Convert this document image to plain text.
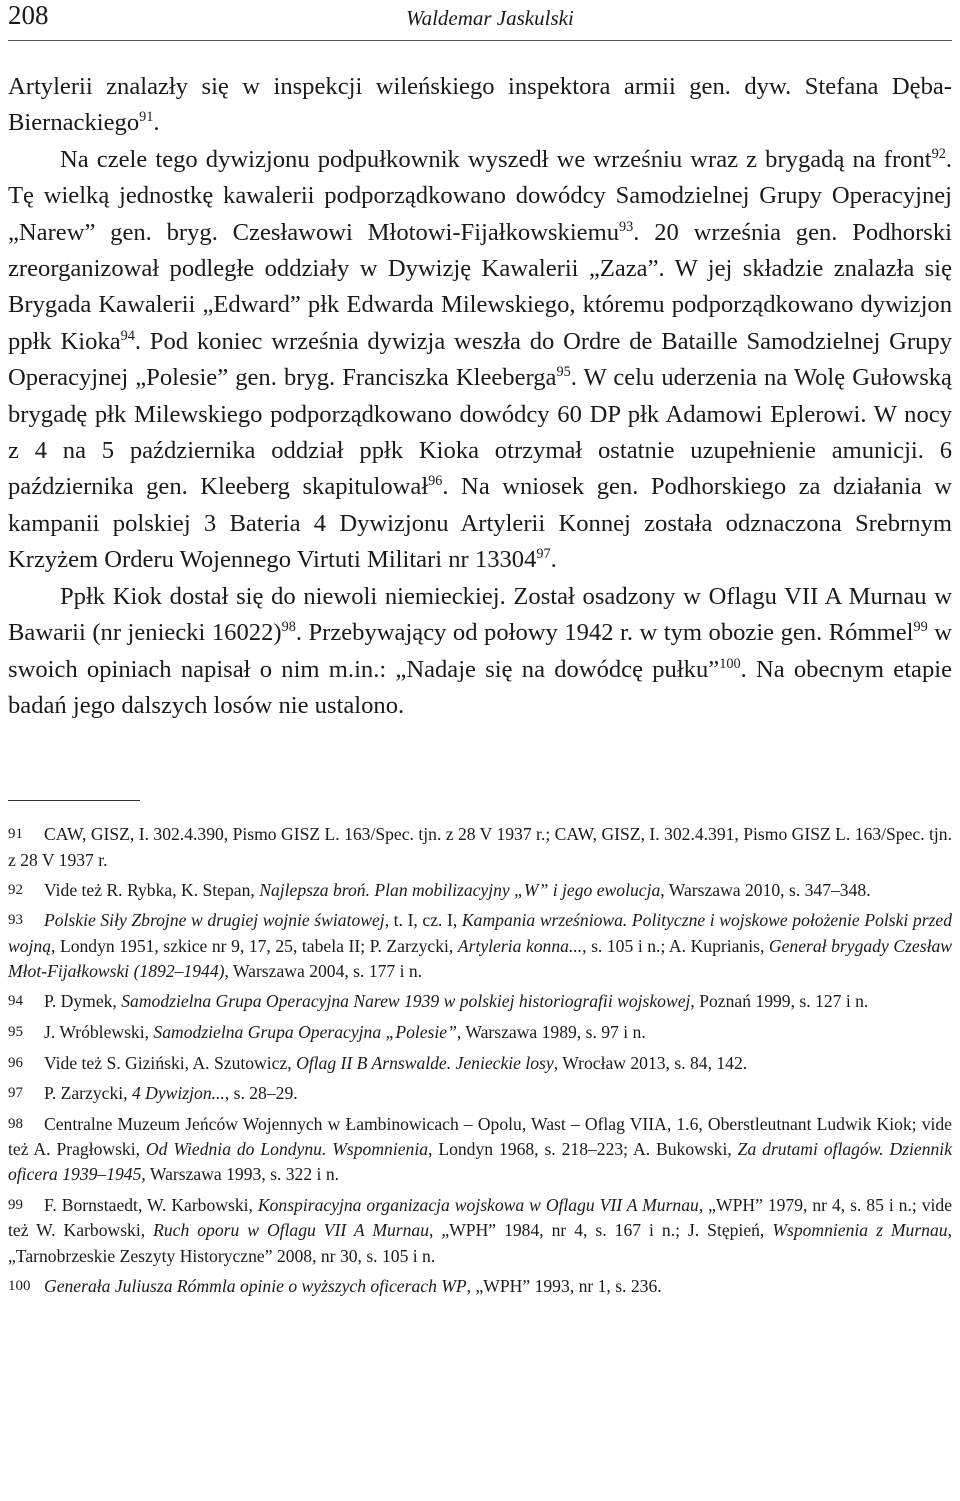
208	Waldemar Jaskulski

Artylerii znalazły się w inspekcji wileńskiego inspektora armii gen. dyw. Stefana Dęba-Biernackiego$^{91}$.

Na czele tego dywizjonu podpułkownik wyszedł we wrześniu wraz z brygadą na front$^{92}$. Tę wielką jednostkę kawalerii podporządkowano dowódcy Samodzielnej Grupy Operacyjnej „Narew” gen. bryg. Czesławowi Młotowi-Fijałkowskiemu$^{93}$. 20 września gen. Podhorski zreorganizował podległe oddziały w Dywizję Kawalerii „Zaza”. W jej składzie znalazła się Brygada Kawalerii „Edward” płk Edwarda Milewskiego, któremu podporządkowano dywizjon ppłk Kioka$^{94}$. Pod koniec września dywizja weszła do Ordre de Bataille Samodzielnej Grupy Operacyjnej „Polesie” gen. bryg. Franciszka Kleeberga$^{95}$. W celu uderzenia na Wolę Gułowską brygadę płk Milewskiego podporządkowano dowódcy 60 DP płk Adamowi Eplerowi. W nocy z 4 na 5 października oddział ppłk Kioka otrzymał ostatnie uzupełnienie amunicji. 6 października gen. Kleeberg skapitulował$^{96}$. Na wniosek gen. Podhorskiego za działania w kampanii polskiej 3 Bateria 4 Dywizjonu Artylerii Konnej została odznaczona Srebrnym Krzyżem Orderu Wojennego Virtuti Militari nr 13304$^{97}$.

Ppłk Kiok dostał się do niewoli niemieckiej. Został osadzony w Oflagu VII A Murnau w Bawarii (nr jeniecki 16022)$^{98}$. Przebywający od połowy 1942 r. w tym obozie gen. Rómmel$^{99}$ w swoich opiniach napisał o nim m.in.: „Nadaje się na dowódcę pułku”$^{100}$. Na obecnym etapie badań jego dalszych losów nie ustalono.

91 CAW, GISZ, I. 302.4.390, Pismo GISZ L. 163/Spec. tjn. z 28 V 1937 r.; CAW, GISZ, I. 302.4.391, Pismo GISZ L. 163/Spec. tjn. z 28 V 1937 r.

92 Vide też R. Rybka, K. Stepan, Najlepsza broń. Plan mobilizacyjny „W” i jego ewolucja, Warszawa 2010, s. 347–348.

93 Polskie Siły Zbrojne w drugiej wojnie światowej, t. I, cz. I, Kampania wrześniowa. Polityczne i wojskowe położenie Polski przed wojną, Londyn 1951, szkice nr 9, 17, 25, tabela II; P. Zarzycki, Artyleria konna..., s. 105 i n.; A. Kuprianis, Generał brygady Czesław Młot-Fijałkowski (1892–1944), Warszawa 2004, s. 177 i n.

94 P. Dymek, Samodzielna Grupa Operacyjna Narew 1939 w polskiej historiografii wojskowej, Poznań 1999, s. 127 i n.

95 J. Wróblewski, Samodzielna Grupa Operacyjna „Polesie”, Warszawa 1989, s. 97 i n.

96 Vide też S. Giziński, A. Szutowicz, Oflag II B Arnswalde. Jenieckie losy, Wrocław 2013, s. 84, 142.

97 P. Zarzycki, 4 Dywizjon..., s. 28–29.

98 Centralne Muzeum Jeńców Wojennych w Łambinowicach – Opolu, Wast – Oflag VIIA, 1.6, Oberstleutnant Ludwik Kiok; vide też A. Pragłowski, Od Wiednia do Londynu. Wspomnienia, Londyn 1968, s. 218–223; A. Bukowski, Za drutami oflagów. Dziennik oficera 1939–1945, Warszawa 1993, s. 322 i n.

99 F. Bornstaedt, W. Karbowski, Konspiracyjna organizacja wojskowa w Oflagu VII A Murnau, „WPH” 1979, nr 4, s. 85 i n.; vide też W. Karbowski, Ruch oporu w Oflagu VII A Murnau, „WPH” 1984, nr 4, s. 167 i n.; J. Stępień, Wspomnienia z Murnau, „Tarnobrzeskie Zeszyty Historyczne” 2008, nr 30, s. 105 i n.

100 Generała Juliusza Rómmla opinie o wyższych oficerach WP, „WPH” 1993, nr 1, s. 236.
